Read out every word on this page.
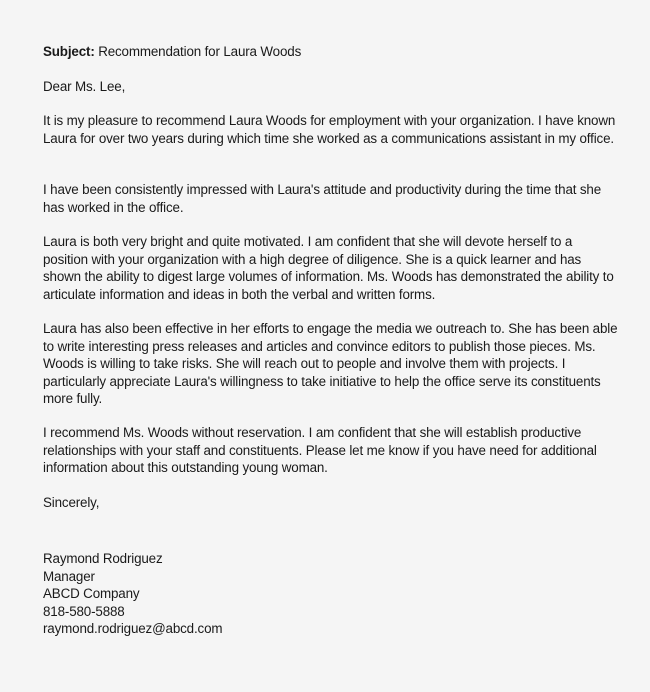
Subject: Recommendation for Laura Woods
Dear Ms. Lee,

It is my pleasure to recommend Laura Woods for employment with your organization. I have known Laura for over two years during which time she worked as a communications assistant in my office.

I have been consistently impressed with Laura's attitude and productivity during the time that she has worked in the office.

Laura is both very bright and quite motivated. I am confident that she will devote herself to a position with your organization with a high degree of diligence. She is a quick learner and has shown the ability to digest large volumes of information. Ms. Woods has demonstrated the ability to articulate information and ideas in both the verbal and written forms.

Laura has also been effective in her efforts to engage the media we outreach to. She has been able to write interesting press releases and articles and convince editors to publish those pieces. Ms. Woods is willing to take risks. She will reach out to people and involve them with projects. I particularly appreciate Laura's willingness to take initiative to help the office serve its constituents more fully.

I recommend Ms. Woods without reservation. I am confident that she will establish productive relationships with your staff and constituents. Please let me know if you have need for additional information about this outstanding young woman.

Sincerely,
Raymond Rodriguez
Manager
ABCD Company
818-580-5888
raymond.rodriguez@abcd.com
